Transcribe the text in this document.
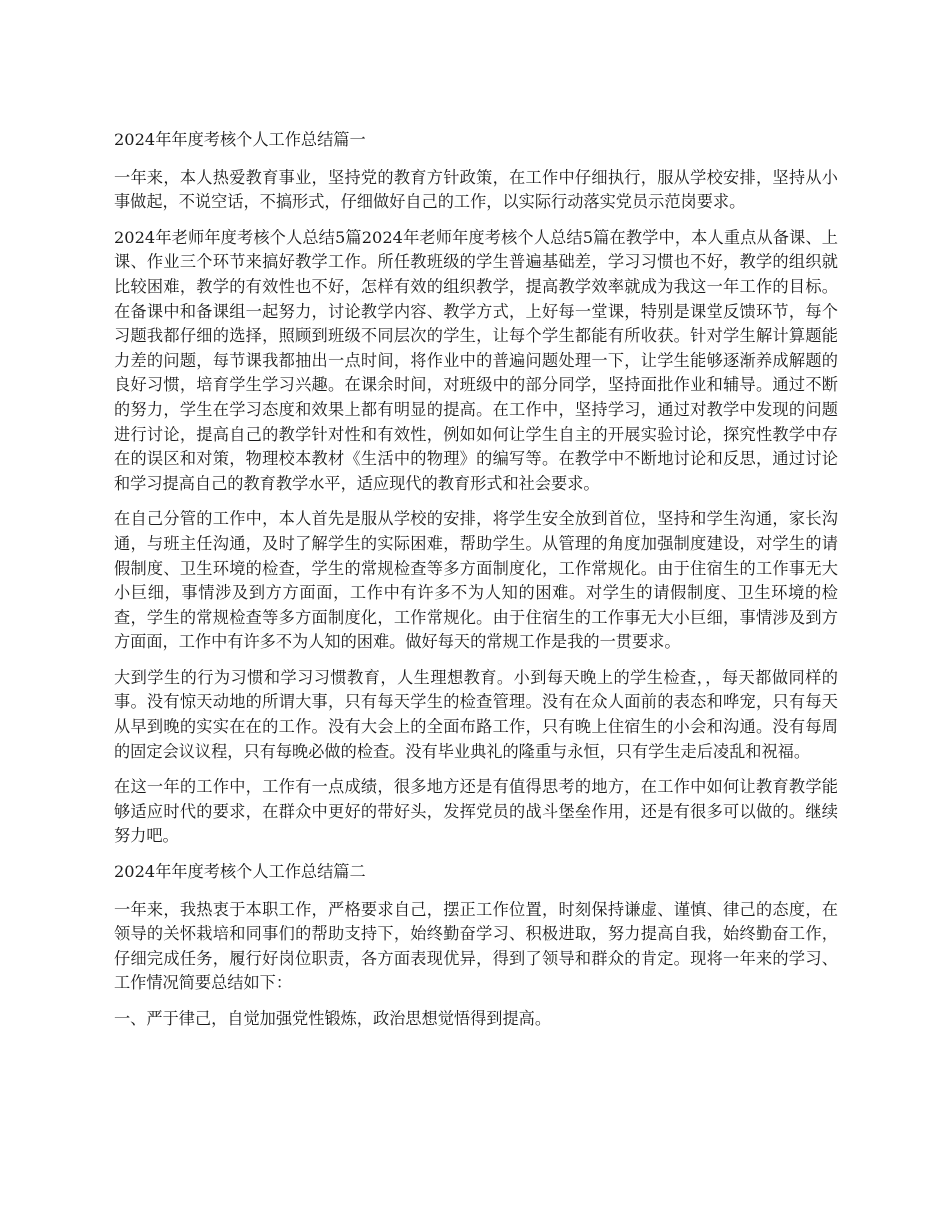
2024年年度考核个人工作总结篇一

一年来，本人热爱教育事业，坚持党的教育方针政策，在工作中仔细执行，服从学校安排，坚持从小事做起，不说空话，不搞形式，仔细做好自己的工作，以实际行动落实党员示范岗要求。

2024年老师年度考核个人总结5篇2024年老师年度考核个人总结5篇在教学中，本人重点从备课、上课、作业三个环节来搞好教学工作。所任教班级的学生普遍基础差，学习习惯也不好，教学的组织就比较困难，教学的有效性也不好，怎样有效的组织教学，提高教学效率就成为我这一年工作的目标。在备课中和备课组一起努力，讨论教学内容、教学方式，上好每一堂课，特别是课堂反馈环节，每个习题我都仔细的选择，照顾到班级不同层次的学生，让每个学生都能有所收获。针对学生解计算题能力差的问题，每节课我都抽出一点时间，将作业中的普遍问题处理一下，让学生能够逐渐养成解题的良好习惯，培育学生学习兴趣。在课余时间，对班级中的部分同学，坚持面批作业和辅导。通过不断的努力，学生在学习态度和效果上都有明显的提高。在工作中，坚持学习，通过对教学中发现的问题进行讨论，提高自己的教学针对性和有效性，例如如何让学生自主的开展实验讨论，探究性教学中存在的误区和对策，物理校本教材《生活中的物理》的编写等。在教学中不断地讨论和反思，通过讨论和学习提高自己的教育教学水平，适应现代的教育形式和社会要求。

在自己分管的工作中，本人首先是服从学校的安排，将学生安全放到首位，坚持和学生沟通，家长沟通，与班主任沟通，及时了解学生的实际困难，帮助学生。从管理的角度加强制度建设，对学生的请假制度、卫生环境的检查，学生的常规检查等多方面制度化，工作常规化。由于住宿生的工作事无大小巨细，事情涉及到方方面面，工作中有许多不为人知的困难。对学生的请假制度、卫生环境的检查，学生的常规检查等多方面制度化，工作常规化。由于住宿生的工作事无大小巨细，事情涉及到方方面面，工作中有许多不为人知的困难。做好每天的常规工作是我的一贯要求。

大到学生的行为习惯和学习习惯教育，人生理想教育。小到每天晚上的学生检查，，每天都做同样的事。没有惊天动地的所谓大事，只有每天学生的检查管理。没有在众人面前的表态和哗宠，只有每天从早到晚的实实在在的工作。没有大会上的全面布路工作，只有晚上住宿生的小会和沟通。没有每周的固定会议议程，只有每晚必做的检查。没有毕业典礼的隆重与永恒，只有学生走后凌乱和祝福。

在这一年的工作中，工作有一点成绩，很多地方还是有值得思考的地方，在工作中如何让教育教学能够适应时代的要求，在群众中更好的带好头，发挥党员的战斗堡垒作用，还是有很多可以做的。继续努力吧。

2024年年度考核个人工作总结篇二

一年来，我热衷于本职工作，严格要求自己，摆正工作位置，时刻保持谦虚、谨慎、律己的态度，在领导的关怀栽培和同事们的帮助支持下，始终勤奋学习、积极进取，努力提高自我，始终勤奋工作，仔细完成任务，履行好岗位职责，各方面表现优异，得到了领导和群众的肯定。现将一年来的学习、工作情况简要总结如下：

一、严于律己，自觉加强党性锻炼，政治思想觉悟得到提高。
